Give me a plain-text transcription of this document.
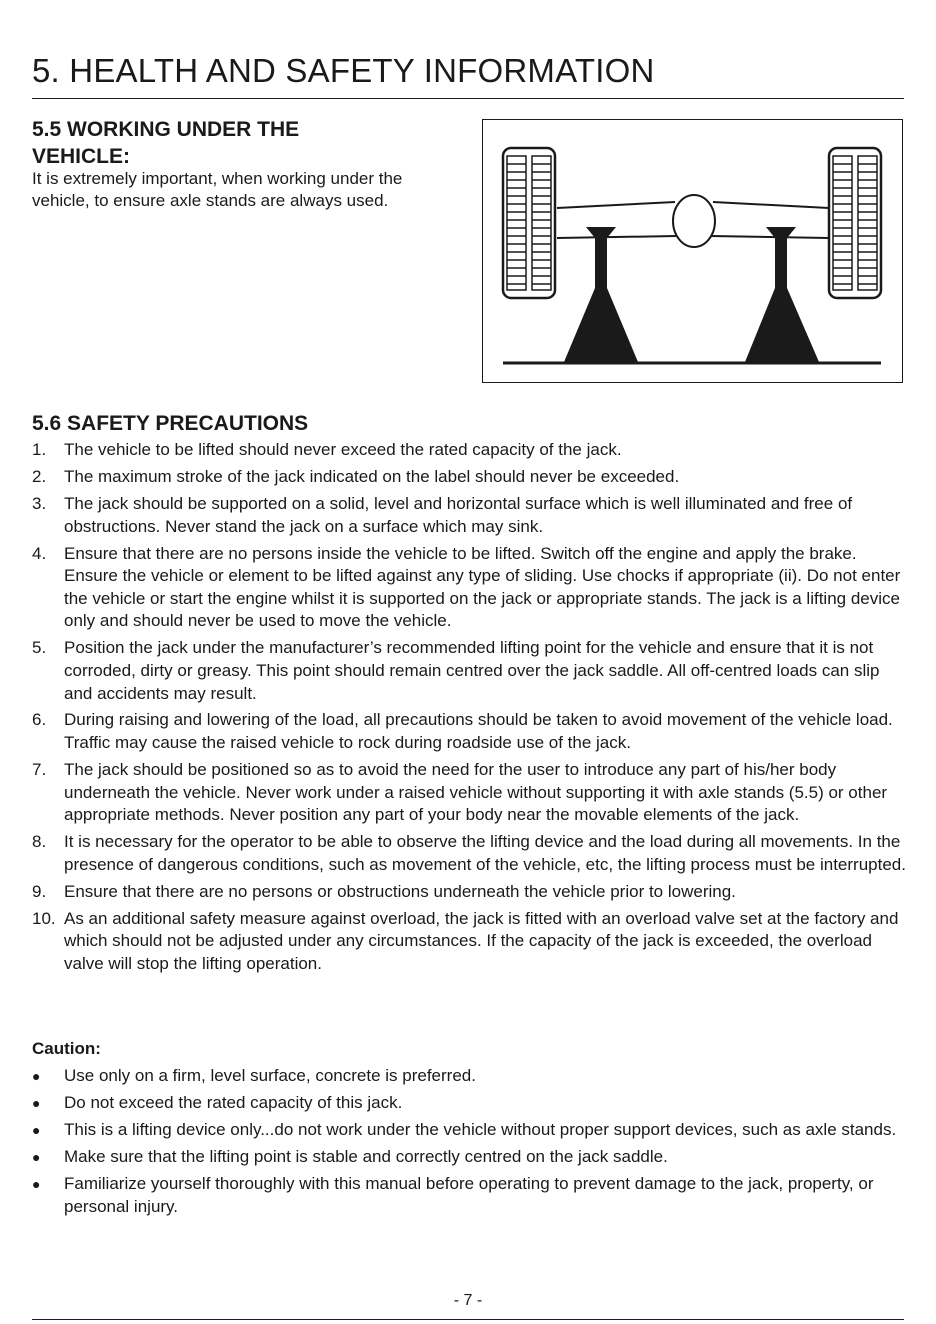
5. HEALTH AND SAFETY INFORMATION
5.5 WORKING UNDER THE
VEHICLE:

It is extremely important, when working under the vehicle, to ensure axle stands are always used.

5.6 SAFETY PRECAUTIONS
1. The vehicle to be lifted should never exceed the rated capacity of the jack.
2. The maximum stroke of the jack indicated on the label should never be exceeded.
3. The jack should be supported on a solid, level and horizontal surface which is well illuminated and free of obstructions. Never stand the jack on a surface which may sink.
4. Ensure that there are no persons inside the vehicle to be lifted. Switch off the engine and apply the brake. Ensure the vehicle or element to be lifted against any type of sliding. Use chocks if appropriate (ii). Do not enter the vehicle or start the engine whilst it is supported on the jack or appropriate stands. The jack is a lifting device only and should never be used to move the vehicle.
5. Position the jack under the manufacturer’s recommended lifting point for the vehicle and ensure that it is not corroded, dirty or greasy. This point should remain centred over the jack saddle. All off-centred loads can slip and accidents may result.
6. During raising and lowering of the load, all precautions should be taken to avoid movement of the vehicle load. Traffic may cause the raised vehicle to rock during roadside use of the jack.
7. The jack should be positioned so as to avoid the need for the user to introduce any part of his/her body underneath the vehicle. Never work under a raised vehicle without supporting it with axle stands (5.5) or other appropriate methods. Never position any part of your body near the movable elements of the jack.
8. It is necessary for the operator to be able to observe the lifting device and the load during all movements. In the presence of dangerous conditions, such as movement of the vehicle, etc, the lifting process must be interrupted.
9. Ensure that there are no persons or obstructions underneath the vehicle prior to lowering.
10. As an additional safety measure against overload, the jack is fitted with an overload valve set at the factory and which should not be adjusted under any circumstances. If the capacity of the jack is exceeded, the overload valve will stop the lifting operation.

Caution:

● Use only on a firm, level surface, concrete is preferred.
● Do not exceed the rated capacity of this jack.
● This is a lifting device only...do not work under the vehicle without proper support devices, such as axle stands.
● Make sure that the lifting point is stable and correctly centred on the jack saddle.
● Familiarize yourself thoroughly with this manual before operating to prevent damage to the jack, property, or personal injury.
- 7 -
